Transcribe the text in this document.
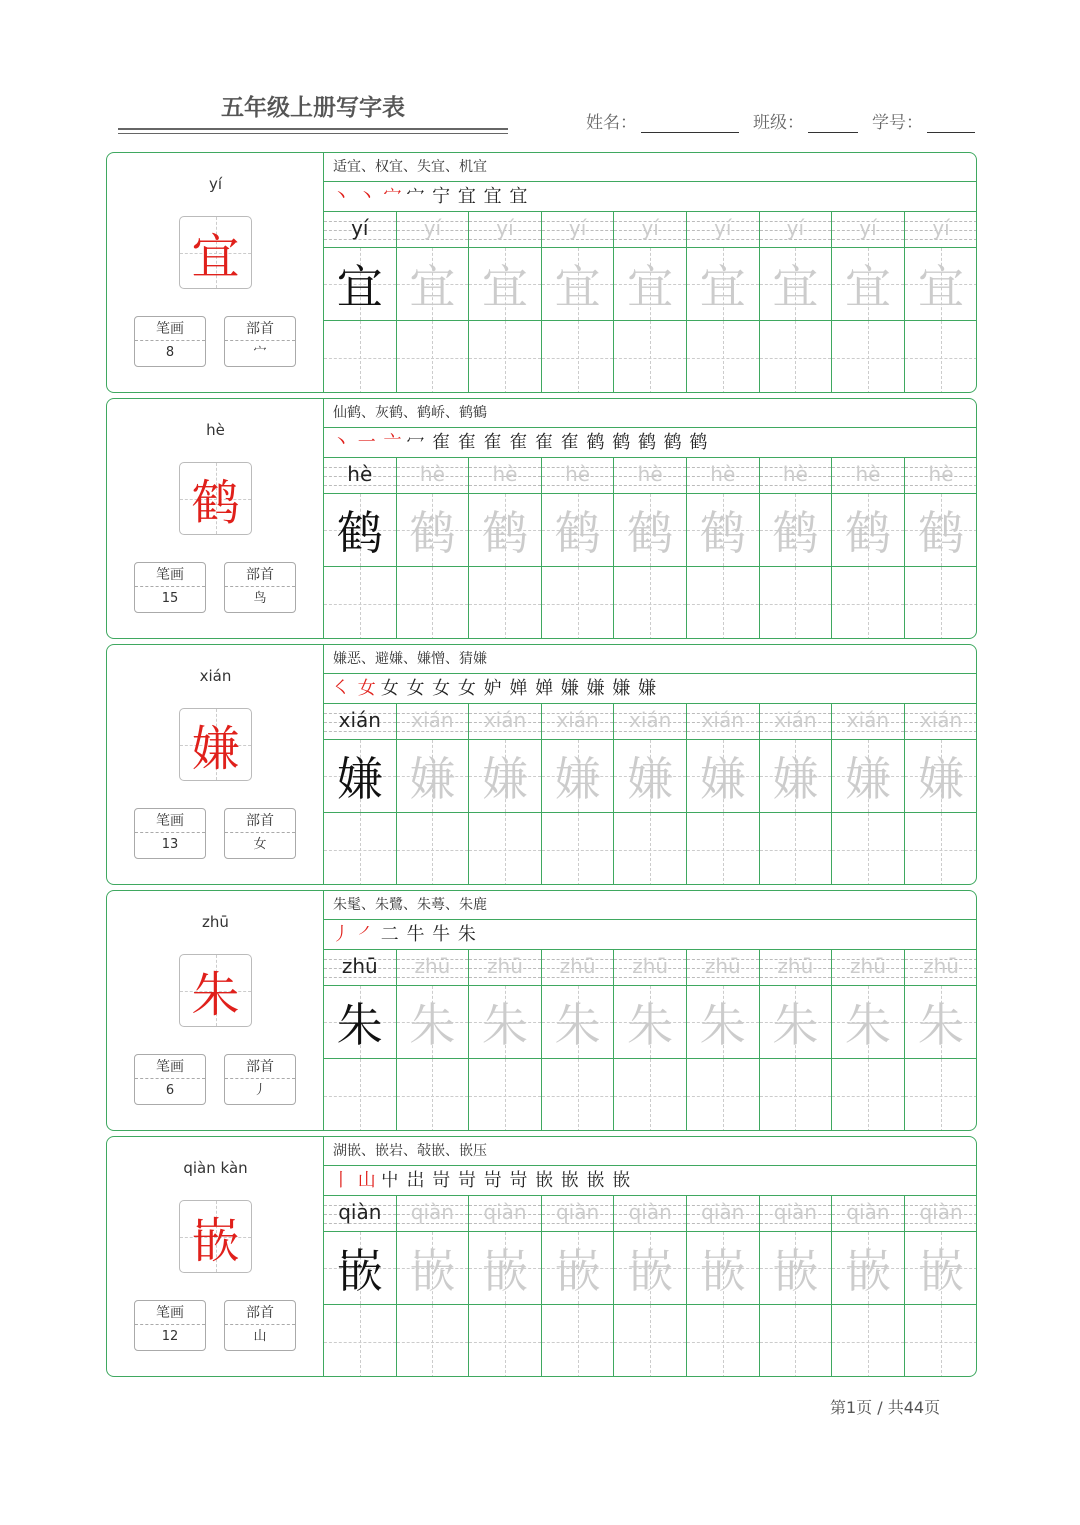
五年级上册写字表
姓名：	班级：	学号：
yí
宜
笔画
8
部首
宀
适宜、权宜、失宜、机宜
丶 丶 宀 宀 宁 宜 宜 宜
yí	yí	yí	yí	yí	yí	yí	yí	yí
宜 宜 宜 宜 宜 宜 宜 宜 宜
hè
鹤
笔画
15
部首
鸟
仙鹤、灰鹤、鹤峤、鹤鶴
丶 一 亠 冖 隺 隺 隺 隺 隺 隺 鹤 鹤 鹤 鹤 鹤
hè	hè	hè	hè	hè	hè	hè	hè	hè
鹤 鹤 鹤 鹤 鹤 鹤 鹤 鹤 鹤
xián
嫌
笔画
13
部首
女
嫌恶、避嫌、嫌憎、猜嫌
㇛ 女 女 女 女 女 妒 婵 婵 嫌 嫌 嫌 嫌
xián	xián	xián	xián	xián	xián	xián	xián	xián
嫌 嫌 嫌 嫌 嫌 嫌 嫌 嫌 嫌
zhū
朱
笔画
6
部首
丿
朱髦、朱鷺、朱蕚、朱鹿
丿 ㇒ 二 牛 牛 朱
zhū	zhū	zhū	zhū	zhū	zhū	zhū	zhū	zhū
朱 朱 朱 朱 朱 朱 朱 朱 朱
qiàn kàn
嵌
笔画
12
部首
山
湖嵌、嵌岩、敧嵌、嵌压
丨 山 屮 岀 岢 岢 岢 岢 嵌 嵌 嵌 嵌
qiàn	qiàn	qiàn	qiàn	qiàn	qiàn	qiàn	qiàn	qiàn
嵌 嵌 嵌 嵌 嵌 嵌 嵌 嵌 嵌
第1页 / 共44页
